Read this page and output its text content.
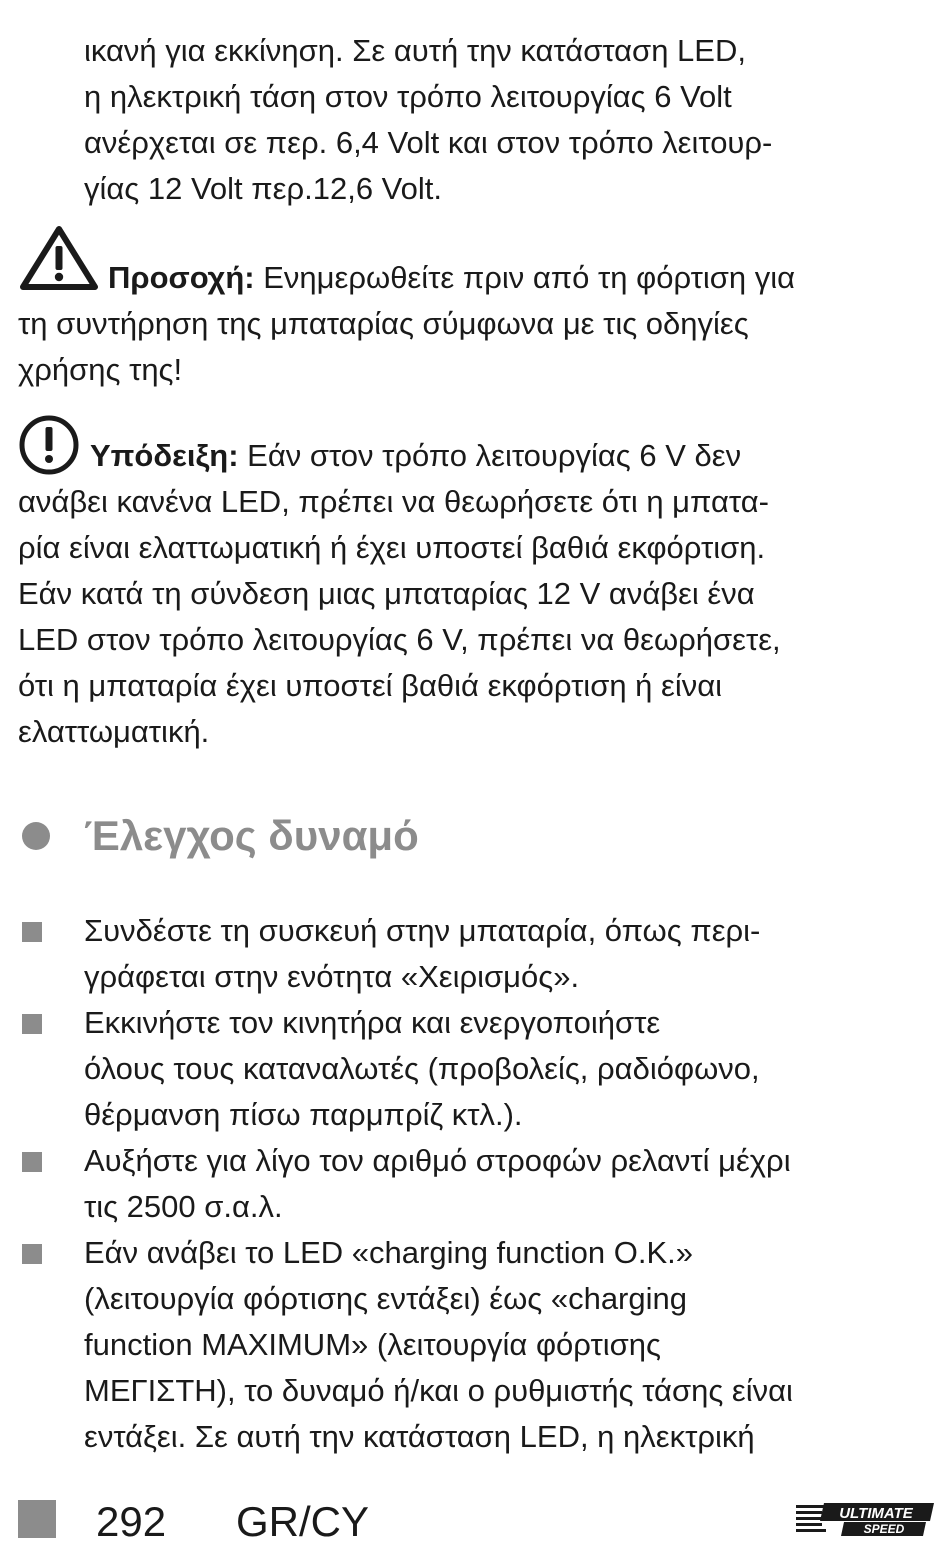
ικανή για εκκίνηση. Σε αυτή την κατάσταση LED,
η ηλεκτρική τάση στον τρόπο λειτουργίας 6 Volt
ανέρχεται σε περ. 6,4 Volt και στον τρόπο λειτουρ-
γίας 12 Volt περ.12,6 Volt.
Προσοχή: Ενημερωθείτε πριν από τη φόρτιση για
τη συντήρηση της μπαταρίας σύμφωνα με τις οδηγίες
χρήσης της!
Υπόδειξη: Εάν στον τρόπο λειτουργίας 6 V δεν
ανάβει κανένα LED, πρέπει να θεωρήσετε ότι η μπατα-
ρία είναι ελαττωματική ή έχει υποστεί βαθιά εκφόρτιση.
Εάν κατά τη σύνδεση μιας μπαταρίας 12 V ανάβει ένα
LED στον τρόπο λειτουργίας 6 V, πρέπει να θεωρήσετε,
ότι η μπαταρία έχει υποστεί βαθιά εκφόρτιση ή είναι
ελαττωματική.
Έλεγχος δυναμό
Συνδέστε τη συσκευή στην μπαταρία, όπως περι-
γράφεται στην ενότητα «Χειρισμός».
Εκκινήστε τον κινητήρα και ενεργοποιήστε
όλους τους καταναλωτές (προβολείς, ραδιόφωνο,
θέρμανση πίσω παρμπρίζ κτλ.).
Αυξήστε για λίγο τον αριθμό στροφών ρελαντί μέχρι
τις 2500 σ.α.λ.
Εάν ανάβει το LED «charging function O.K.»
(λειτουργία φόρτισης εντάξει) έως «charging
function MAXIMUM» (λειτουργία φόρτισης
ΜΕΓΙΣΤΗ), το δυναμό ή/και ο ρυθμιστής τάσης είναι
εντάξει. Σε αυτή την κατάσταση LED, η ηλεκτρική
292 GR/CY	ULTIMATE
SPEED
